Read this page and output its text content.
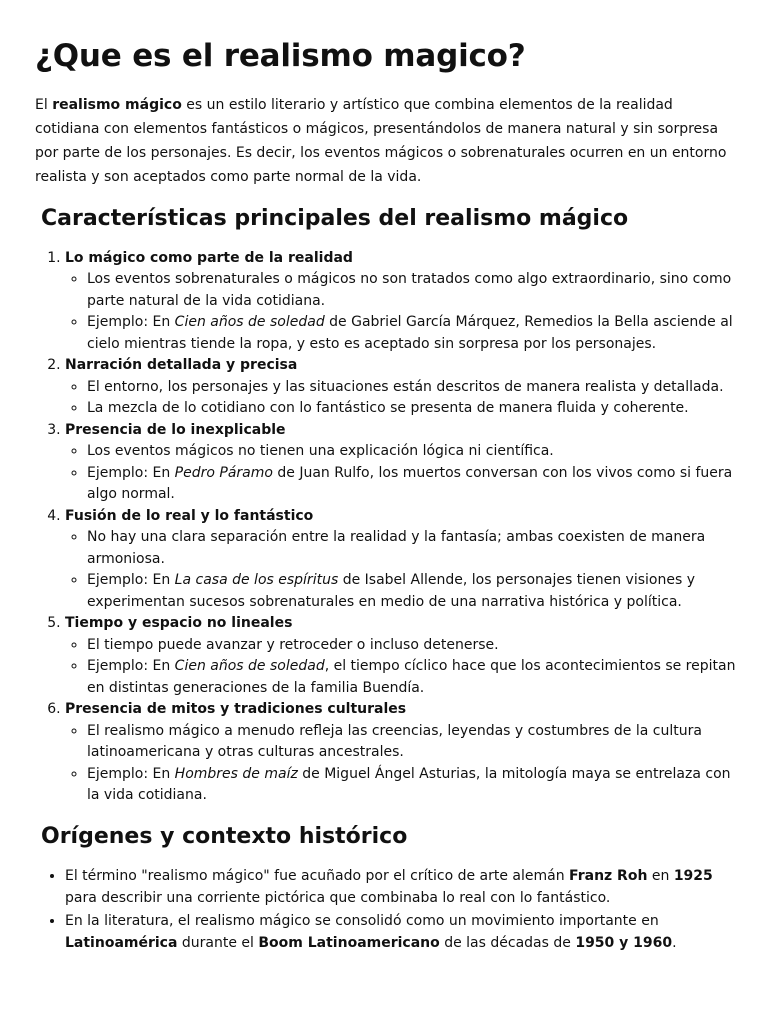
¿Que es el realismo magico?

El realismo mágico es un estilo literario y artístico que combina elementos de la realidad cotidiana con elementos fantásticos o mágicos, presentándolos de manera natural y sin sorpresa por parte de los personajes. Es decir, los eventos mágicos o sobrenaturales ocurren en un entorno realista y son aceptados como parte normal de la vida.

Características principales del realismo mágico
1. Lo mágico como parte de la realidad
◦ Los eventos sobrenaturales o mágicos no son tratados como algo extraordinario, sino como parte natural de la vida cotidiana.
◦ Ejemplo: En Cien años de soledad de Gabriel García Márquez, Remedios la Bella asciende al cielo mientras tiende la ropa, y esto es aceptado sin sorpresa por los personajes.
2. Narración detallada y precisa
◦ El entorno, los personajes y las situaciones están descritos de manera realista y detallada.
◦ La mezcla de lo cotidiano con lo fantástico se presenta de manera fluida y coherente.
3. Presencia de lo inexplicable
◦ Los eventos mágicos no tienen una explicación lógica ni científica.
◦ Ejemplo: En Pedro Páramo de Juan Rulfo, los muertos conversan con los vivos como si fuera algo normal.
4. Fusión de lo real y lo fantástico
◦ No hay una clara separación entre la realidad y la fantasía; ambas coexisten de manera armoniosa.
◦ Ejemplo: En La casa de los espíritus de Isabel Allende, los personajes tienen visiones y experimentan sucesos sobrenaturales en medio de una narrativa histórica y política.
5. Tiempo y espacio no lineales
◦ El tiempo puede avanzar y retroceder o incluso detenerse.
◦ Ejemplo: En Cien años de soledad, el tiempo cíclico hace que los acontecimientos se repitan en distintas generaciones de la familia Buendía.
6. Presencia de mitos y tradiciones culturales
◦ El realismo mágico a menudo refleja las creencias, leyendas y costumbres de la cultura latinoamericana y otras culturas ancestrales.
◦ Ejemplo: En Hombres de maíz de Miguel Ángel Asturias, la mitología maya se entrelaza con la vida cotidiana.
Orígenes y contexto histórico
• El término "realismo mágico" fue acuñado por el crítico de arte alemán Franz Roh en 1925 para describir una corriente pictórica que combinaba lo real con lo fantástico.
• En la literatura, el realismo mágico se consolidó como un movimiento importante en Latinoamérica durante el Boom Latinoamericano de las décadas de 1950 y 1960.
